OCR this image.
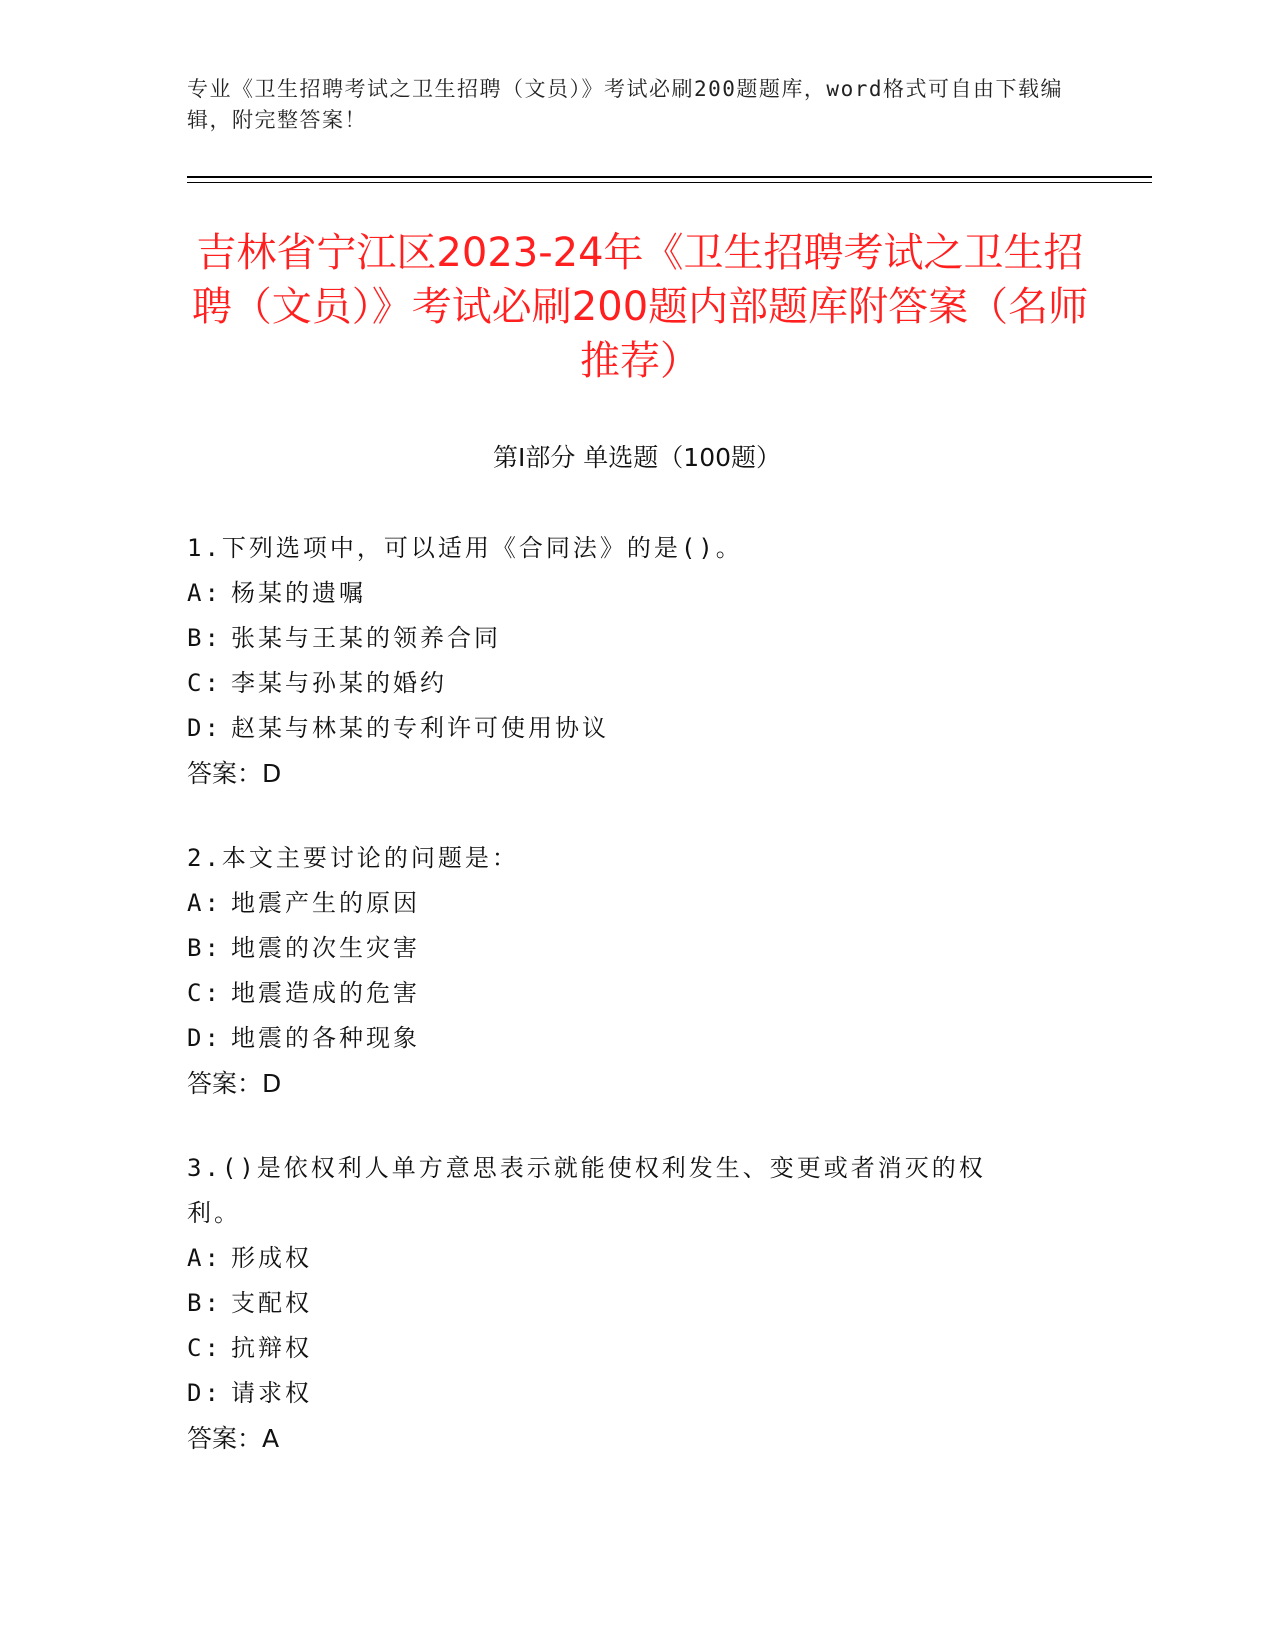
专业《卫生招聘考试之卫生招聘（文员）》考试必刷200题题库，word格式可自由下载编辑，附完整答案！
吉林省宁江区2023-24年《卫生招聘考试之卫生招聘（文员）》考试必刷200题内部题库附答案（名师推荐）
第I部分 单选题（100题）
1.下列选项中，可以适用《合同法》的是()。
A: 杨某的遗嘱
B: 张某与王某的领养合同
C: 李某与孙某的婚约
D: 赵某与林某的专利许可使用协议
答案：D
2.本文主要讨论的问题是：
A: 地震产生的原因
B: 地震的次生灾害
C: 地震造成的危害
D: 地震的各种现象
答案：D
3.()是依权利人单方意思表示就能使权利发生、变更或者消灭的权利。
A: 形成权
B: 支配权
C: 抗辩权
D: 请求权
答案：A
